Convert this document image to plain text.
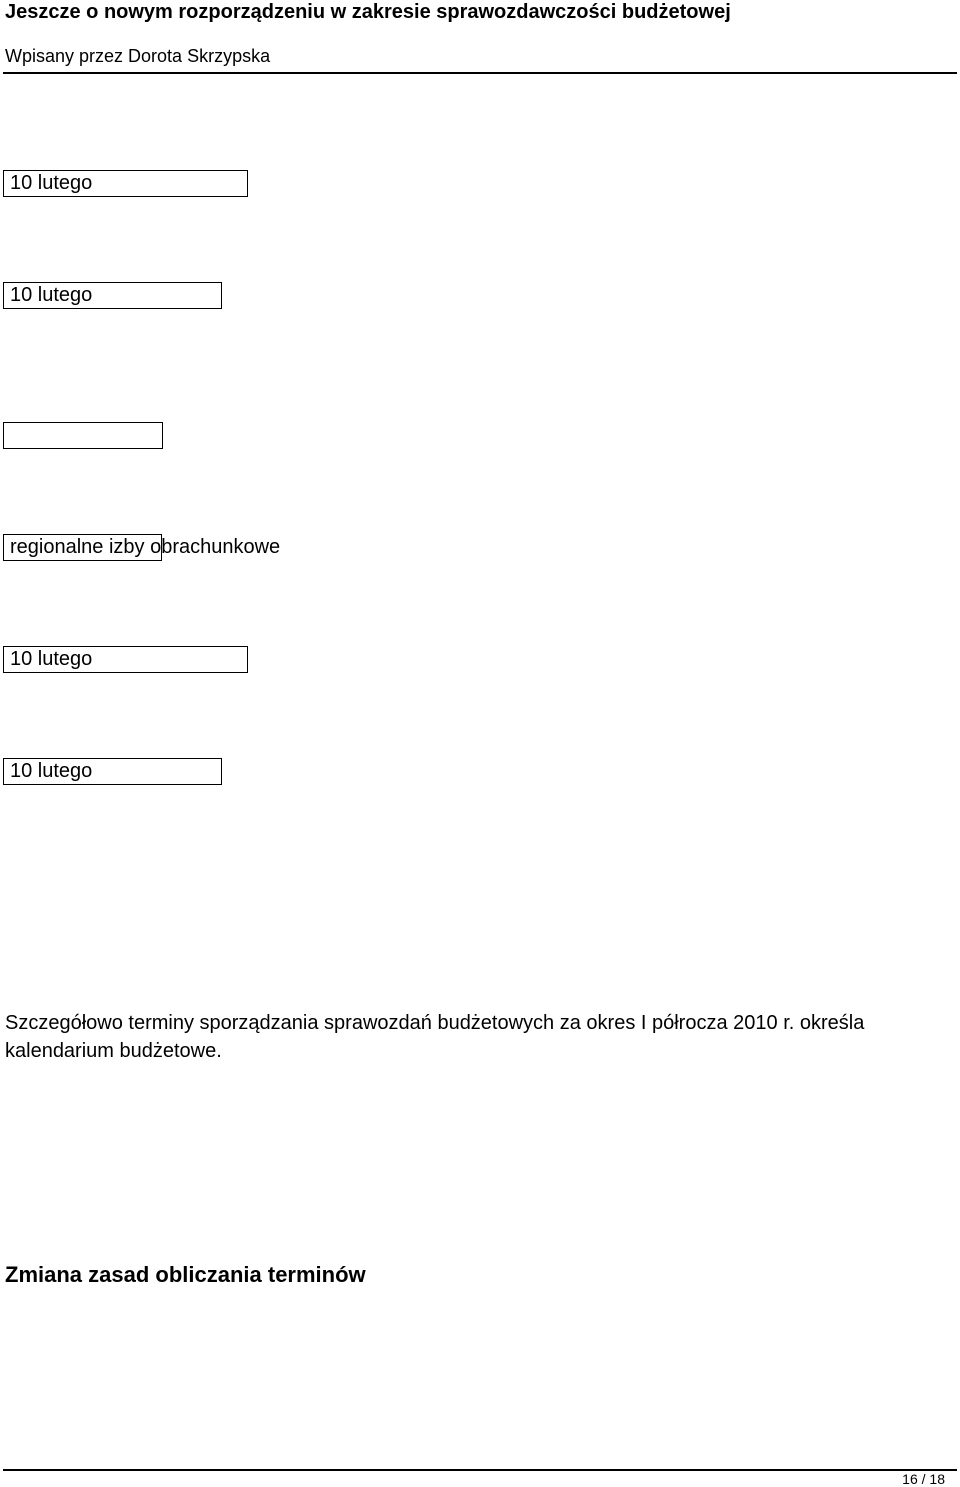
Jeszcze o nowym rozporządzeniu w zakresie sprawozdawczości budżetowej
Wpisany przez Dorota Skrzypska
10 lutego
10 lutego
regionalne izby obrachunkowe
10 lutego
10 lutego
Szczegółowo terminy sporządzania sprawozdań budżetowych za okres I półrocza 2010 r. określa kalendarium budżetowe.
Zmiana zasad obliczania terminów
16 / 18
